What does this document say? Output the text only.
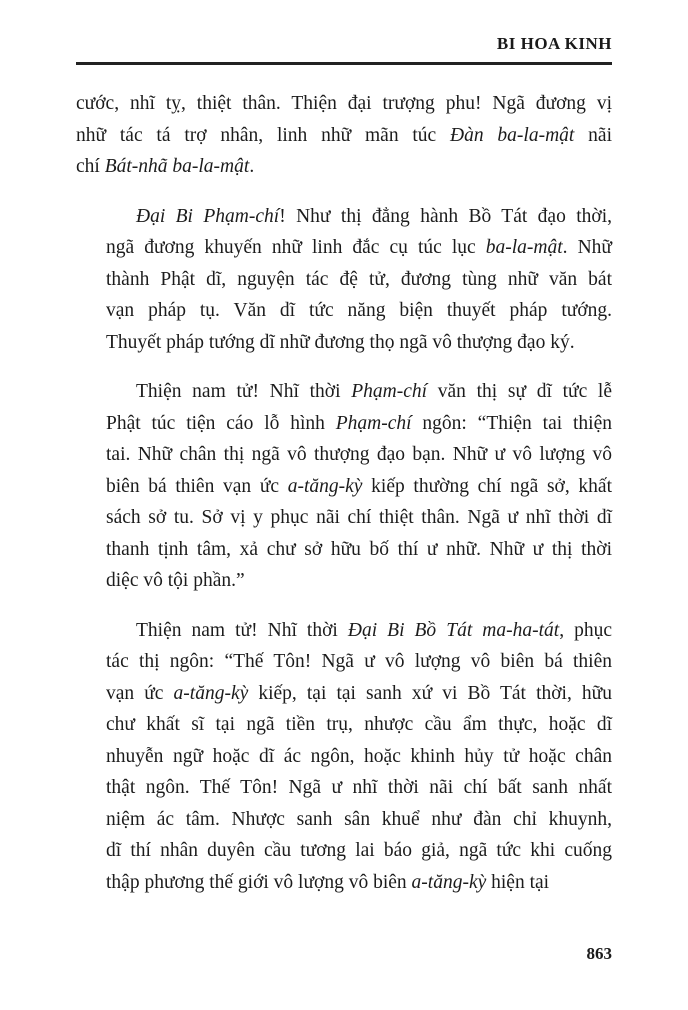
BI HOA KINH
cước, nhĩ tỵ, thiệt thân. Thiện đại trượng phu! Ngã đương vị
nhữ tác tá trợ nhân, linh nhữ mãn túc Đàn ba-la-mật nãi
chí Bát-nhã ba-la-mật.
Đại Bi Phạm-chí! Như thị đẳng hành Bồ Tát đạo thời,
ngã đương khuyến nhữ linh đắc cụ túc lục ba-la-mật. Nhữ
thành Phật dĩ, nguyện tác đệ tử, đương tùng nhữ văn bát
vạn pháp tụ. Văn dĩ tức năng biện thuyết pháp tướng.
Thuyết pháp tướng dĩ nhữ đương thọ ngã vô thượng đạo ký.
Thiện nam tử! Nhĩ thời Phạm-chí văn thị sự dĩ tức lễ
Phật túc tiện cáo lỗ hình Phạm-chí ngôn: “Thiện tai thiện
tai. Nhữ chân thị ngã vô thượng đạo bạn. Nhữ ư vô lượng vô
biên bá thiên vạn ức a-tăng-kỳ kiếp thường chí ngã sở, khất
sách sở tu. Sở vị y phục nãi chí thiệt thân. Ngã ư nhĩ thời dĩ
thanh tịnh tâm, xả chư sở hữu bố thí ư nhữ. Nhữ ư thị thời
diệc vô tội phần.”
Thiện nam tử! Nhĩ thời Đại Bi Bồ Tát ma-ha-tát, phục
tác thị ngôn: “Thế Tôn! Ngã ư vô lượng vô biên bá thiên
vạn ức a-tăng-kỳ kiếp, tại tại sanh xứ vi Bồ Tát thời, hữu
chư khất sĩ tại ngã tiền trụ, nhược cầu ẩm thực, hoặc dĩ
nhuyễn ngữ hoặc dĩ ác ngôn, hoặc khinh hủy tử hoặc chân
thật ngôn. Thế Tôn! Ngã ư nhĩ thời nãi chí bất sanh nhất
niệm ác tâm. Nhược sanh sân khuể như đàn chỉ khuynh,
dĩ thí nhân duyên cầu tương lai báo giả, ngã tức khi cuống
thập phương thế giới vô lượng vô biên a-tăng-kỳ hiện tại
863
